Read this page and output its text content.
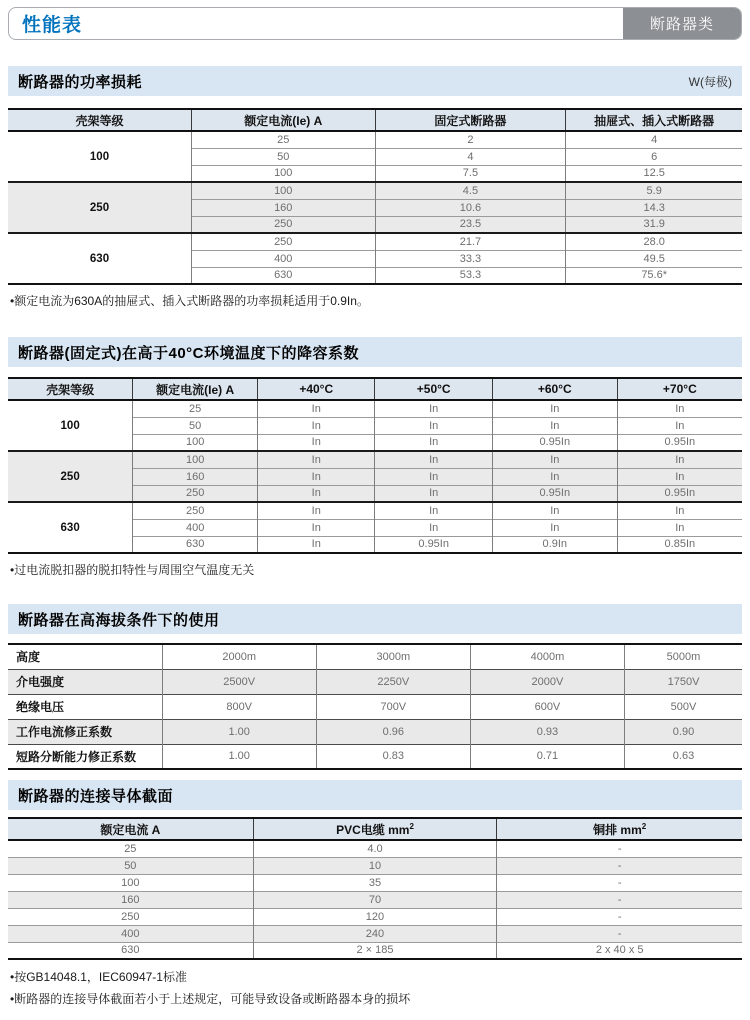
性能表	断路器类
断路器的功率损耗	W(每极)
壳架等级	额定电流(Ie) A	固定式断路器	抽屉式、插入式断路器
100	25	2	4
	50	4	6
	100	7.5	12.5
250	100	4.5	5.9
	160	10.6	14.3
	250	23.5	31.9
630	250	21.7	28.0
	400	33.3	49.5
	630	53.3	75.6*
•额定电流为630A的抽屉式、插入式断路器的功率损耗适用于0.9In。
断路器(固定式)在高于40°C环境温度下的降容系数
壳架等级	额定电流(Ie) A	+40°C	+50°C	+60°C	+70°C
100	25	In	In	In	In
	50	In	In	In	In
	100	In	In	0.95In	0.95In
250	100	In	In	In	In
	160	In	In	In	In
	250	In	In	0.95In	0.95In
630	250	In	In	In	In
	400	In	In	In	In
	630	In	0.95In	0.9In	0.85In
•过电流脱扣器的脱扣特性与周围空气温度无关
断路器在高海拔条件下的使用
高度	2000m	3000m	4000m	5000m
介电强度	2500V	2250V	2000V	1750V
绝缘电压	800V	700V	600V	500V
工作电流修正系数	1.00	0.96	0.93	0.90
短路分断能力修正系数	1.00	0.83	0.71	0.63
断路器的连接导体截面
额定电流 A	PVC电缆 $mm^2$	铜排 $mm^2$
25	4.0	-
50	10	-
100	35	-
160	70	-
250	120	-
400	240	-
630	2 × 185	2 x 40 x 5
•按GB14048.1，IEC60947-1标准
•断路器的连接导体截面若小于上述规定，可能导致设备或断路器本身的损坏
